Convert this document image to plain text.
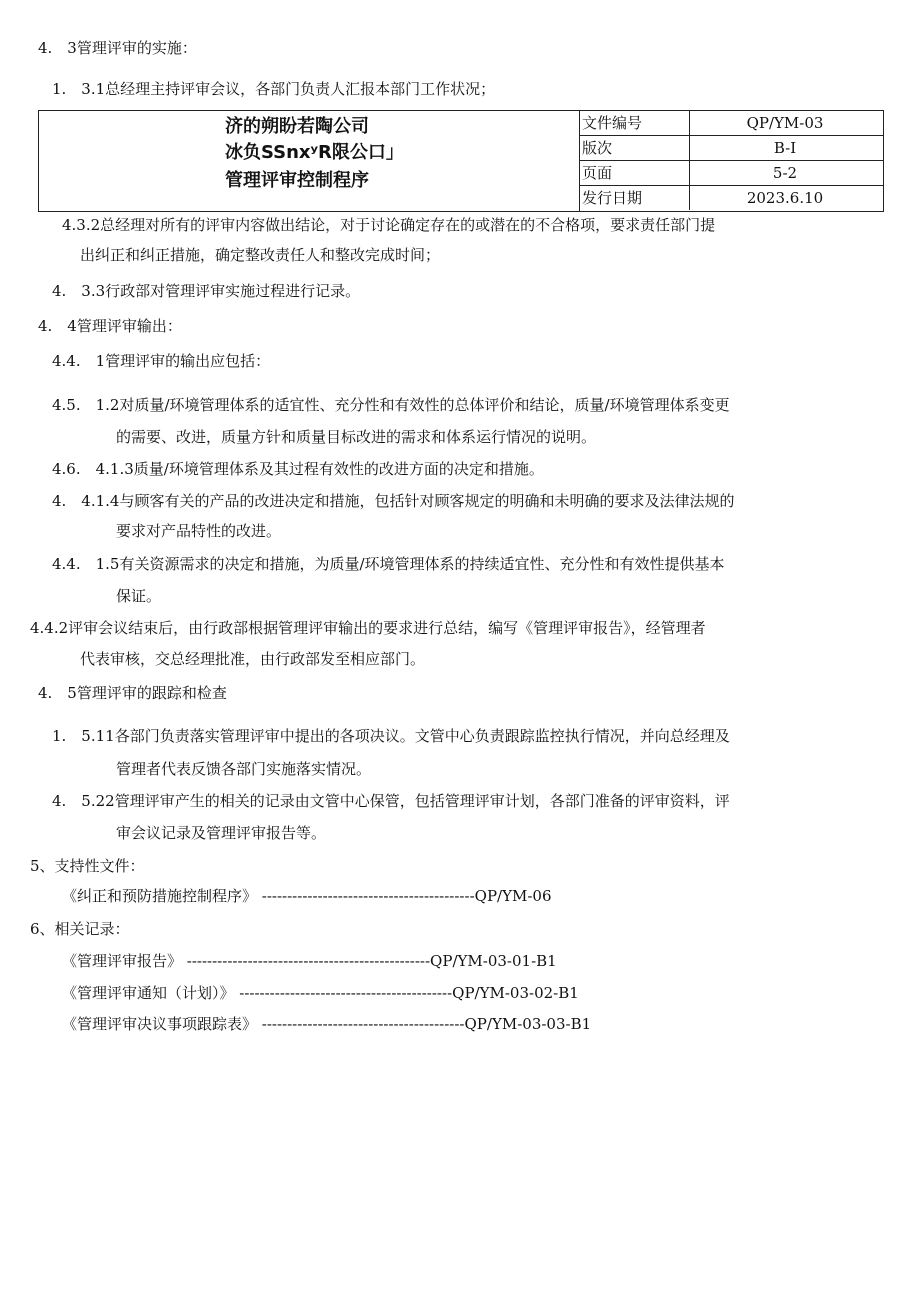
4.　3管理评审的实施：
1.　3.1总经理主持评审会议，各部门负责人汇报本部门工作状况；
济的朔盼若陶公司
冰负SSnxʸR限公口」
管理评审控制程序
文件编号	QP/YM-03
版次	B-I
页面	5-2
发行日期	2023.6.10
4.3.2总经理对所有的评审内容做出结论，对于讨论确定存在的或潜在的不合格项，要求责任部门提
出纠正和纠正措施，确定整改责任人和整改完成时间；
4.　3.3行政部对管理评审实施过程进行记录。
4.　4管理评审输出：
4.4.　1管理评审的输出应包括：
4.5.　1.2对质量/环境管理体系的适宜性、充分性和有效性的总体评价和结论，质量/环境管理体系变更
的需要、改进，质量方针和质量目标改进的需求和体系运行情况的说明。
4.6.　4.1.3质量/环境管理体系及其过程有效性的改进方面的决定和措施。
4.　4.1.4与顾客有关的产品的改进决定和措施，包括针对顾客规定的明确和未明确的要求及法律法规的
要求对产品特性的改进。
4.4.　1.5有关资源需求的决定和措施，为质量/环境管理体系的持续适宜性、充分性和有效性提供基本
保证。
4.4.2评审会议结束后，由行政部根据管理评审输出的要求进行总结，编写《管理评审报告》，经管理者
代表审核，交总经理批准，由行政部发至相应部门。
4.　5管理评审的跟踪和检查
1.　5.11各部门负责落实管理评审中提出的各项决议。文管中心负责跟踪监控执行情况，并向总经理及
管理者代表反馈各部门实施落实情况。
4.　5.22管理评审产生的相关的记录由文管中心保管，包括管理评审计划，各部门准备的评审资料，评
审会议记录及管理评审报告等。
5、支持性文件：
《纠正和预防措施控制程序》 ------------------------------------------QP/YM-06
6、相关记录：
《管理评审报告》 ------------------------------------------------QP/YM-03-01-B1
《管理评审通知（计划）》 ------------------------------------------QP/YM-03-02-B1
《管理评审决议事项跟踪表》 ----------------------------------------QP/YM-03-03-B1
